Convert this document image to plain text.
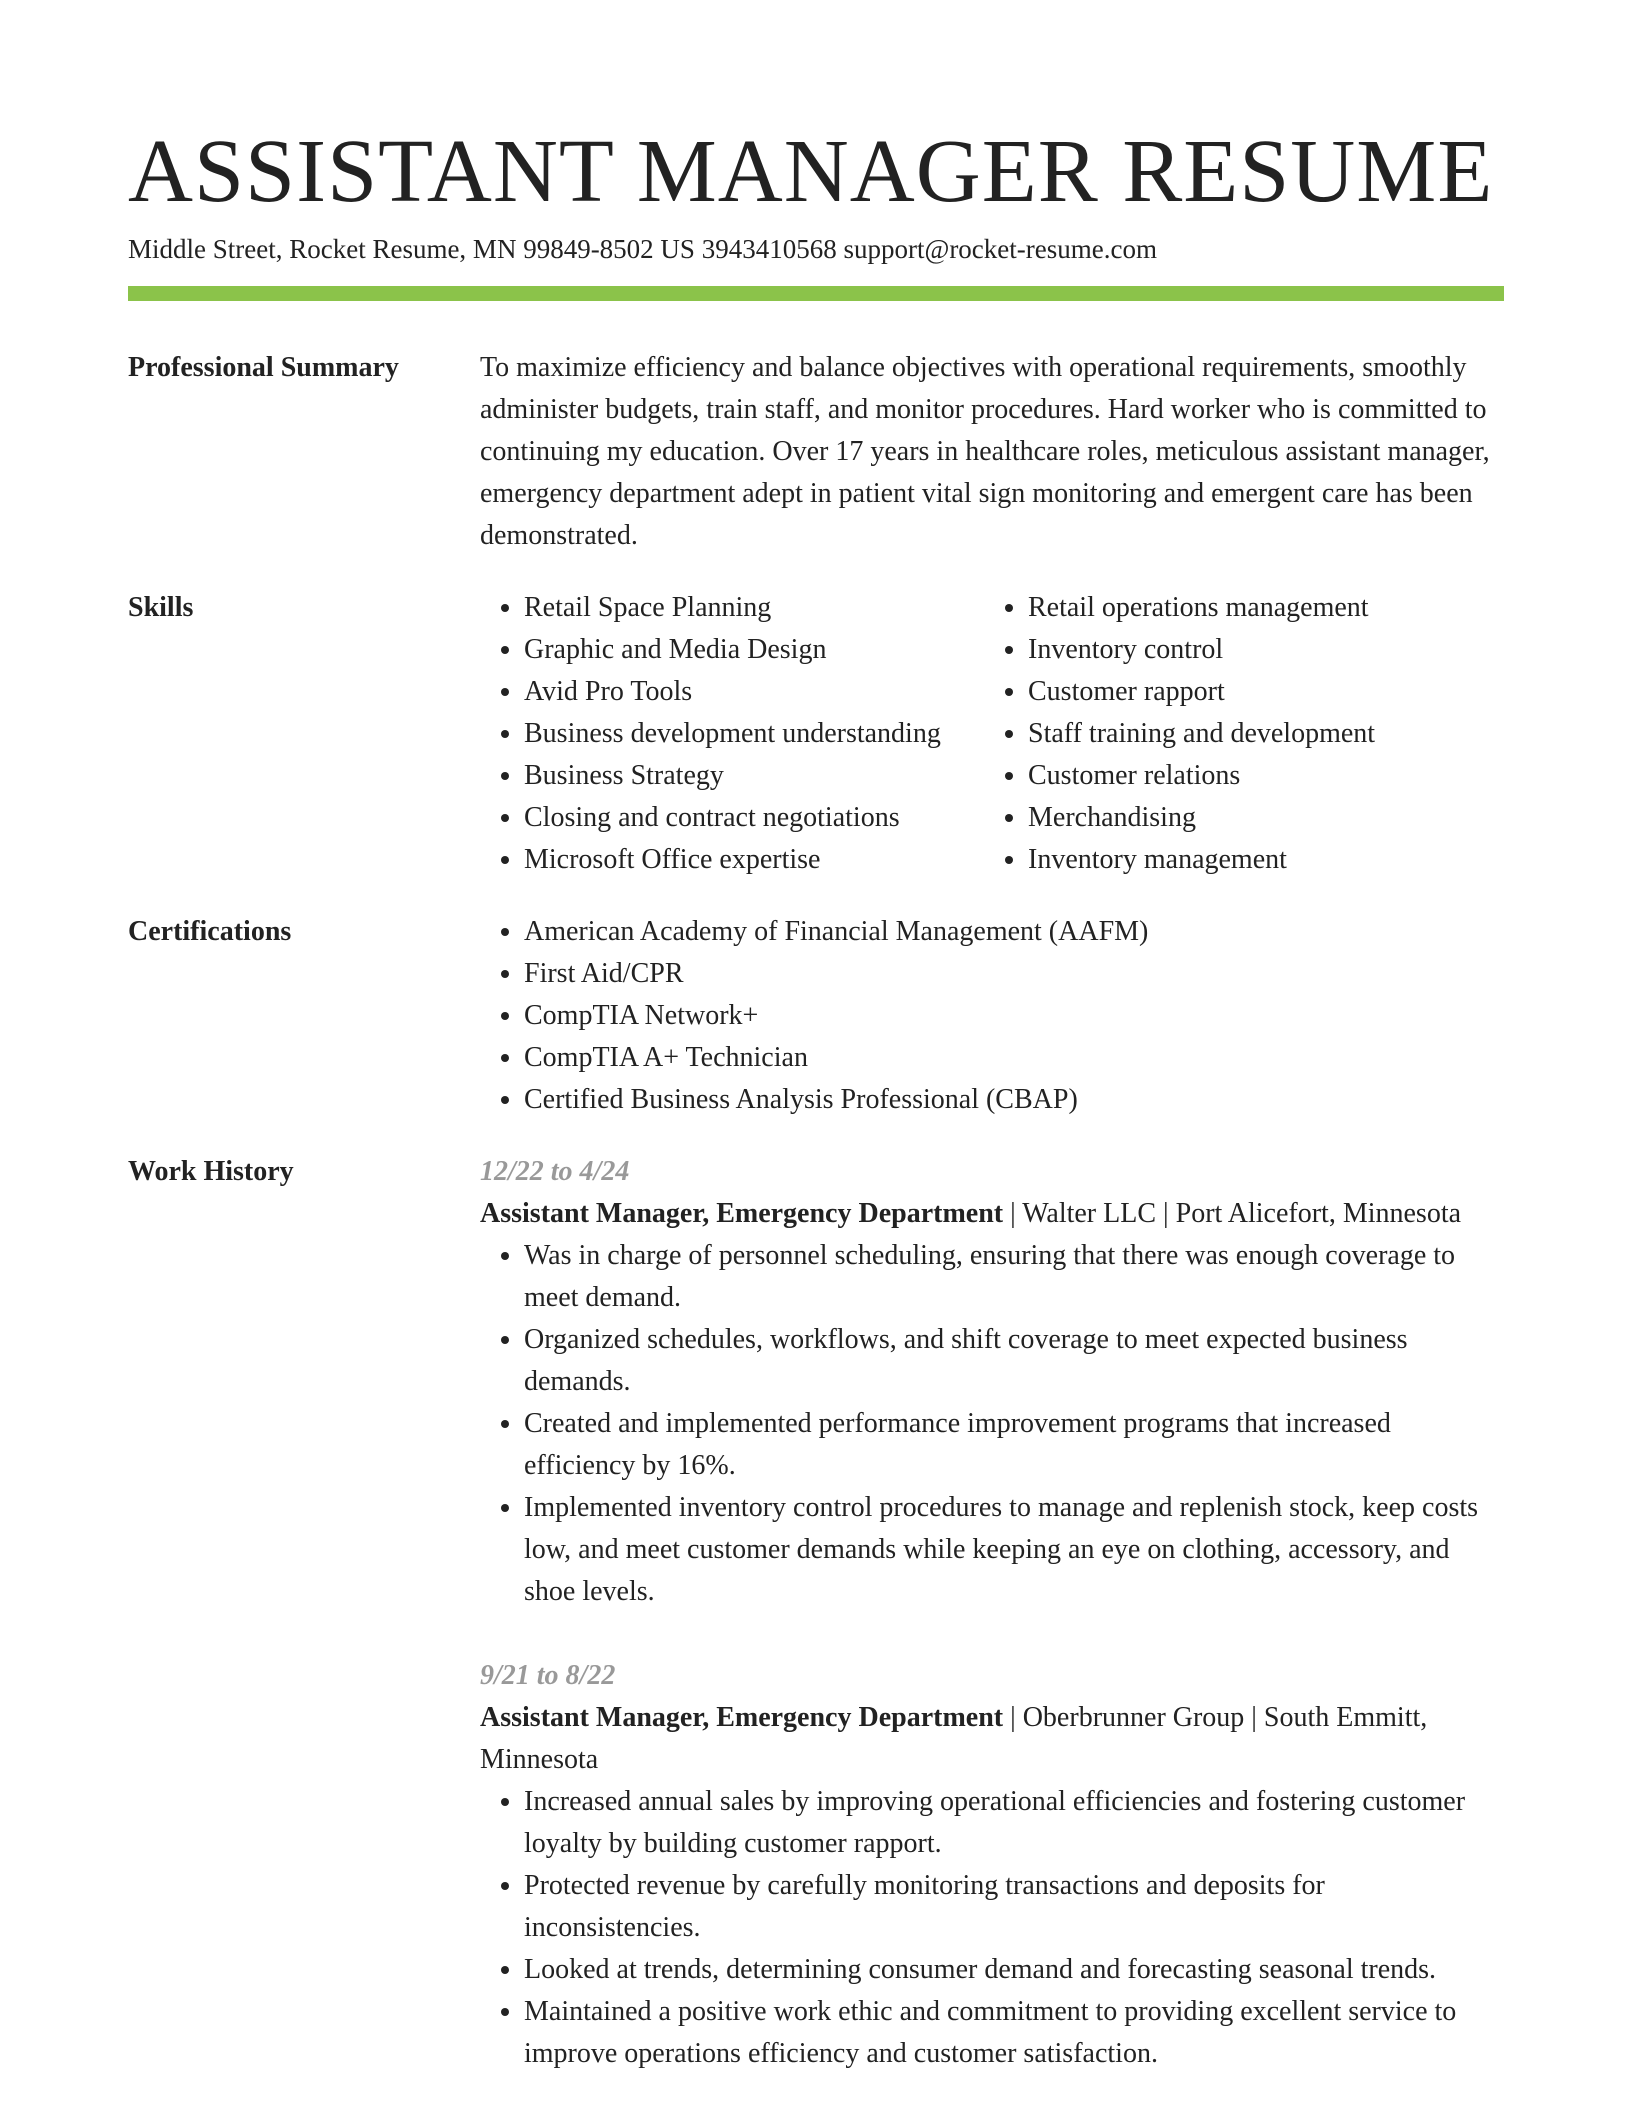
ASSISTANT MANAGER RESUME
Middle Street, Rocket Resume, MN 99849-8502 US 3943410568 support@rocket-resume.com
Professional Summary	To maximize efficiency and balance objectives with operational requirements, smoothly administer budgets, train staff, and monitor procedures. Hard worker who is committed to continuing my education. Over 17 years in healthcare roles, meticulous assistant manager, emergency department adept in patient vital sign monitoring and emergent care has been demonstrated.

Skills	• Retail Space Planning
• Graphic and Media Design
• Avid Pro Tools
• Business development understanding
• Business Strategy
• Closing and contract negotiations
• Microsoft Office expertise
• Retail operations management
• Inventory control
• Customer rapport
• Staff training and development
• Customer relations
• Merchandising
• Inventory management
Certifications	• American Academy of Financial Management (AAFM)
• First Aid/CPR
• CompTIA Network+
• CompTIA A+ Technician
• Certified Business Analysis Professional (CBAP)
Work History	12/22 to 4/24

Assistant Manager, Emergency Department | Walter LLC | Port Alicefort, Minnesota

• Was in charge of personnel scheduling, ensuring that there was enough coverage to meet demand.
• Organized schedules, workflows, and shift coverage to meet expected business demands.
• Created and implemented performance improvement programs that increased efficiency by 16%.
• Implemented inventory control procedures to manage and replenish stock, keep costs low, and meet customer demands while keeping an eye on clothing, accessory, and shoe levels.

9/21 to 8/22

Assistant Manager, Emergency Department | Oberbrunner Group | South Emmitt, Minnesota

• Increased annual sales by improving operational efficiencies and fostering customer loyalty by building customer rapport.
• Protected revenue by carefully monitoring transactions and deposits for inconsistencies.
• Looked at trends, determining consumer demand and forecasting seasonal trends.
• Maintained a positive work ethic and commitment to providing excellent service to improve operations efficiency and customer satisfaction.
